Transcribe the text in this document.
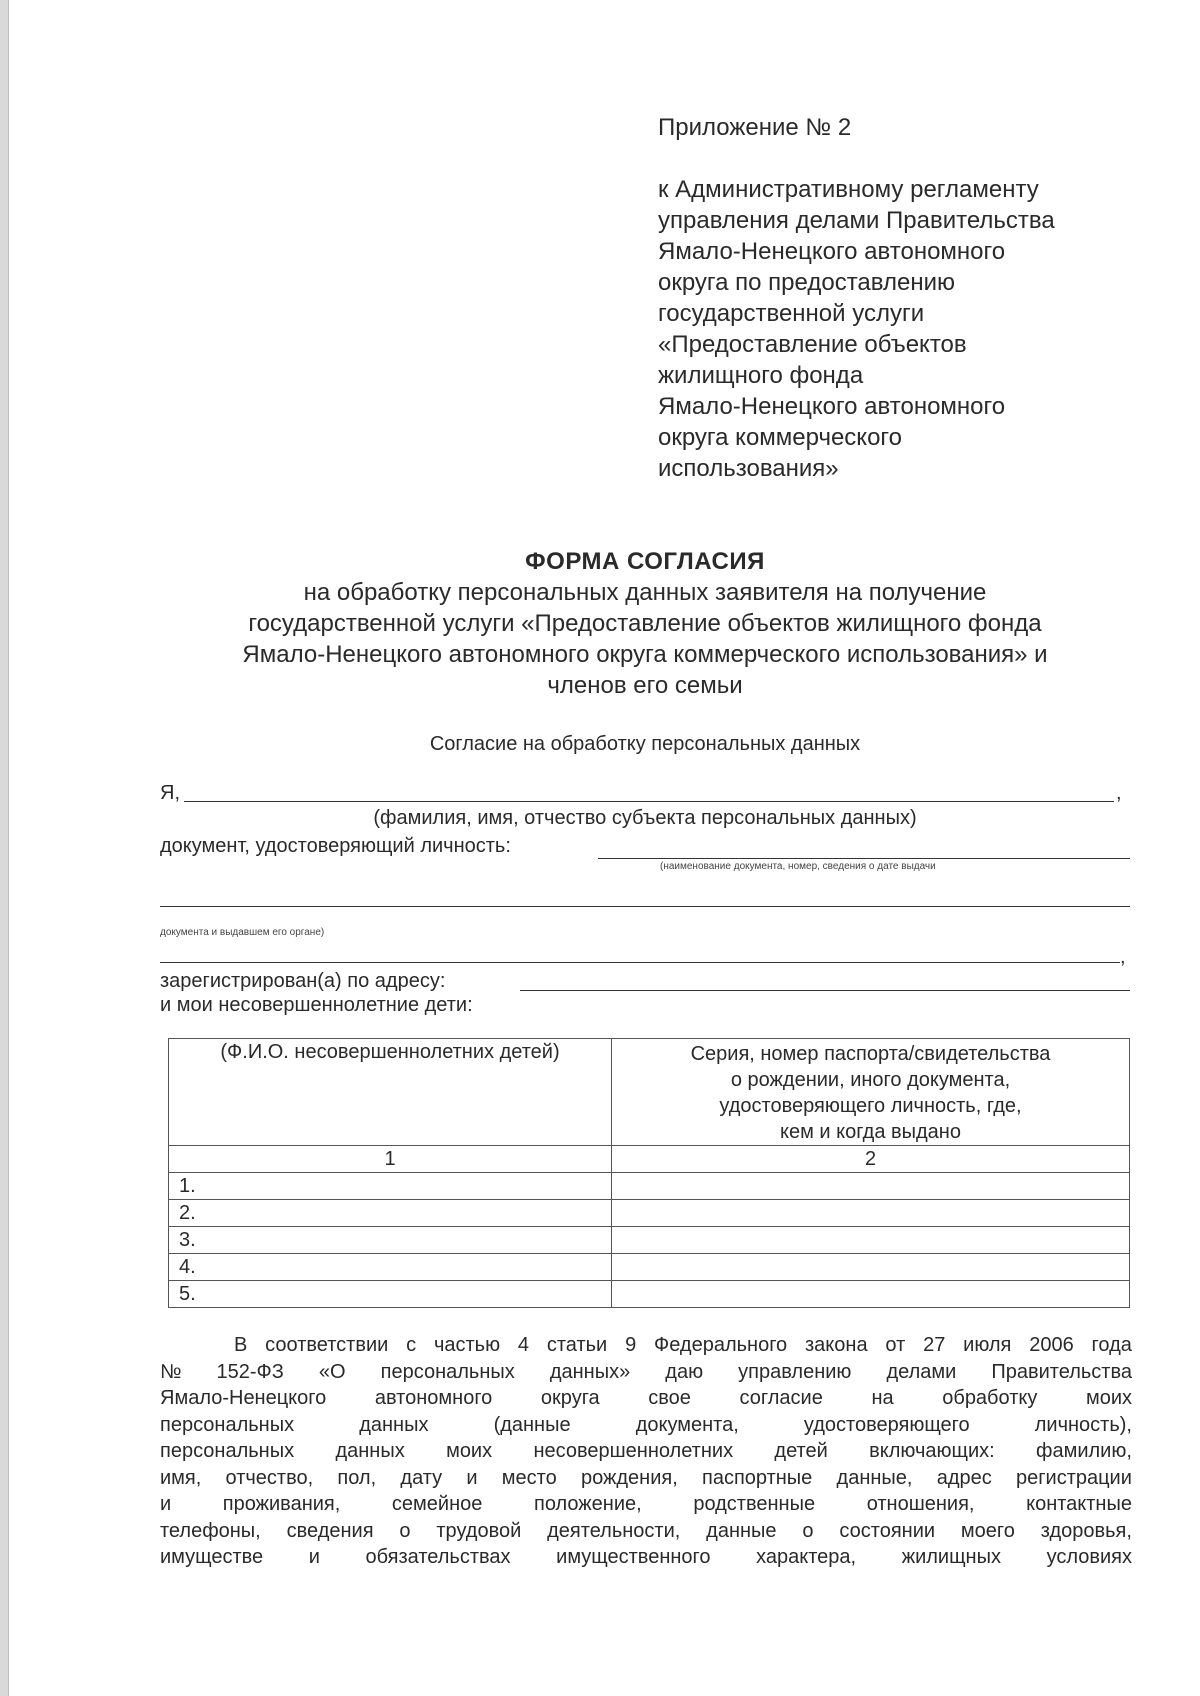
Приложение № 2
к Административному регламенту
управления делами Правительства
Ямало-Ненецкого автономного
округа по предоставлению
государственной услуги
«Предоставление объектов
жилищного фонда
Ямало-Ненецкого автономного
округа коммерческого
использования»
ФОРМА СОГЛАСИЯ
на обработку персональных данных заявителя на получение
государственной услуги «Предоставление объектов жилищного фонда
Ямало-Ненецкого автономного округа коммерческого использования» и
членов его семьи
Согласие на обработку персональных данных
Я,	,
(фамилия, имя, отчество субъекта персональных данных)
документ, удостоверяющий личность:
(наименование документа, номер, сведения о дате выдачи
документа и выдавшем его органе)
,
зарегистрирован(а) по адресу:
и мои несовершеннолетние дети:
(Ф.И.О. несовершеннолетних детей)	Серия, номер паспорта/свидетельства
о рождении, иного документа,
удостоверяющего личность, где,
кем и когда выдано

1	2
1.	
2.	
3.	
4.	
5.	
В соответствии с частью 4 статьи 9 Федерального закона от 27 июля 2006 года
№ 152-ФЗ «О персональных данных» даю управлению делами Правительства
Ямало-Ненецкого автономного округа свое согласие на обработку моих
персональных	данных	(данные	документа,	удостоверяющего	личность),
персональных данных моих несовершеннолетних детей включающих: фамилию,
имя, отчество, пол, дату и место рождения, паспортные данные, адрес регистрации
и	проживания,	семейное	положение,	родственные	отношения,	контактные
телефоны, сведения о трудовой деятельности, данные о состоянии моего здоровья,
имуществе и обязательствах имущественного характера, жилищных условиях
